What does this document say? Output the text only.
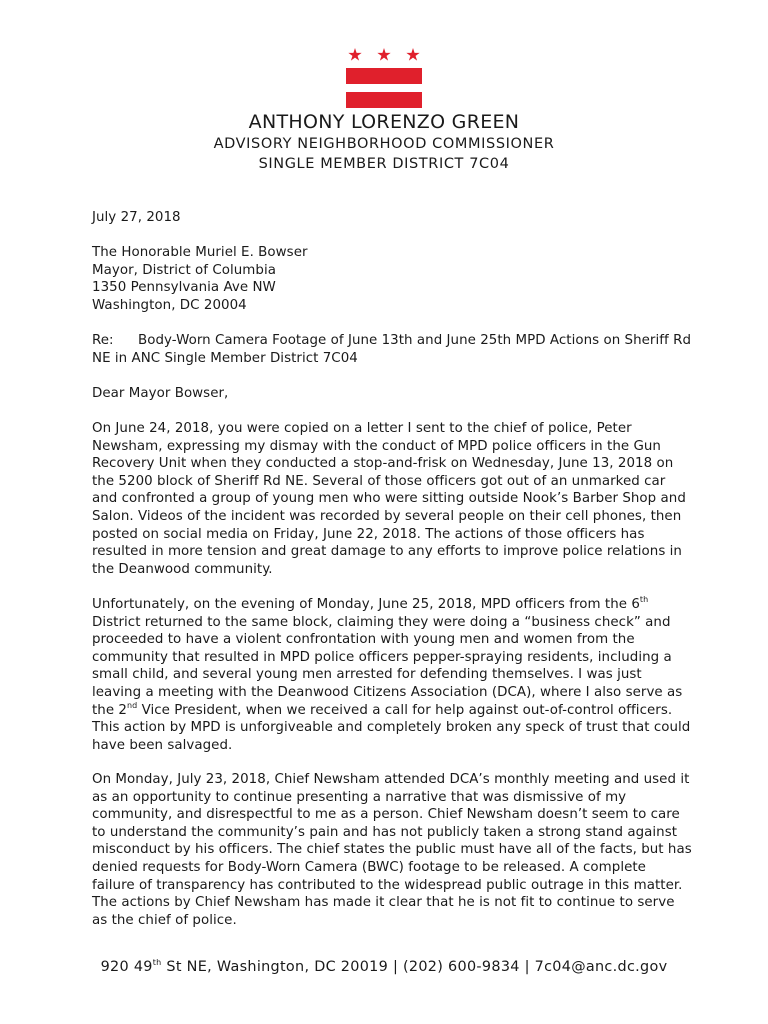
ANTHONY LORENZO GREEN
ADVISORY NEIGHBORHOOD COMMISSIONER
SINGLE MEMBER DISTRICT 7C04
July 27, 2018
The Honorable Muriel E. Bowser
Mayor, District of Columbia
1350 Pennsylvania Ave NW
Washington, DC 20004
Re: Body-Worn Camera Footage of June 13th and June 25th MPD Actions on Sheriff Rd NE in ANC Single Member District 7C04
Dear Mayor Bowser,
On June 24, 2018, you were copied on a letter I sent to the chief of police, Peter Newsham, expressing my dismay with the conduct of MPD police officers in the Gun Recovery Unit when they conducted a stop-and-frisk on Wednesday, June 13, 2018 on the 5200 block of Sheriff Rd NE. Several of those officers got out of an unmarked car and confronted a group of young men who were sitting outside Nook’s Barber Shop and Salon. Videos of the incident was recorded by several people on their cell phones, then posted on social media on Friday, June 22, 2018. The actions of those officers has resulted in more tension and great damage to any efforts to improve police relations in the Deanwood community.
Unfortunately, on the evening of Monday, June 25, 2018, MPD officers from the 6th District returned to the same block, claiming they were doing a “business check” and proceeded to have a violent confrontation with young men and women from the community that resulted in MPD police officers pepper-spraying residents, including a small child, and several young men arrested for defending themselves. I was just leaving a meeting with the Deanwood Citizens Association (DCA), where I also serve as the 2nd Vice President, when we received a call for help against out-of-control officers. This action by MPD is unforgiveable and completely broken any speck of trust that could have been salvaged.
On Monday, July 23, 2018, Chief Newsham attended DCA’s monthly meeting and used it as an opportunity to continue presenting a narrative that was dismissive of my community, and disrespectful to me as a person. Chief Newsham doesn’t seem to care to understand the community’s pain and has not publicly taken a strong stand against misconduct by his officers. The chief states the public must have all of the facts, but has denied requests for Body-Worn Camera (BWC) footage to be released. A complete failure of transparency has contributed to the widespread public outrage in this matter. The actions by Chief Newsham has made it clear that he is not fit to continue to serve as the chief of police.
920 49th St NE, Washington, DC 20019 | (202) 600-9834 | 7c04@anc.dc.gov
